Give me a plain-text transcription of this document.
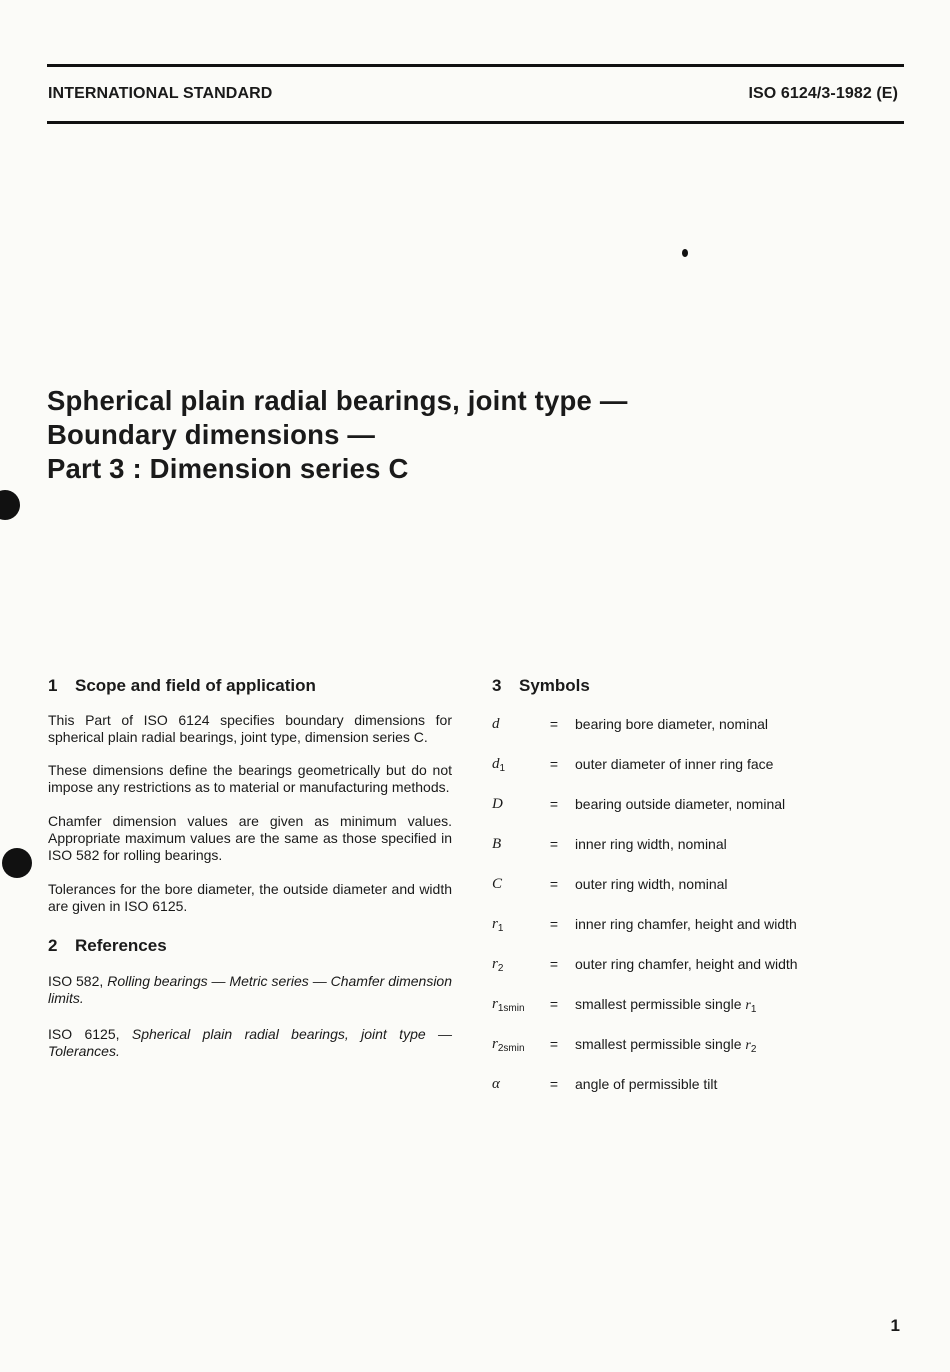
INTERNATIONAL STANDARD	ISO 6124/3-1982 (E)
Spherical plain radial bearings, joint type —
Boundary dimensions —
Part 3 : Dimension series C
1 Scope and field of application

This Part of ISO 6124 specifies boundary dimensions for spherical plain radial bearings, joint type, dimension series C.

These dimensions define the bearings geometrically but do not impose any restrictions as to material or manufacturing methods.

Chamfer dimension values are given as minimum values. Appropriate maximum values are the same as those specified in ISO 582 for rolling bearings.

Tolerances for the bore diameter, the outside diameter and width are given in ISO 6125.

2 References

ISO 582, Rolling bearings — Metric series — Chamfer dimension limits.

ISO 6125, Spherical plain radial bearings, joint type — Tolerances.

3 Symbols
d	= bearing bore diameter, nominal
$d_1$	= outer diameter of inner ring face
D	= bearing outside diameter, nominal
B	= inner ring width, nominal
C	= outer ring width, nominal
$r_1$	= inner ring chamfer, height and width
$r_2$	= outer ring chamfer, height and width
$r_{1smin}$	= smallest permissible single $r_1$
$r_{2smin}$	= smallest permissible single $r_2$
α	= angle of permissible tilt
1
